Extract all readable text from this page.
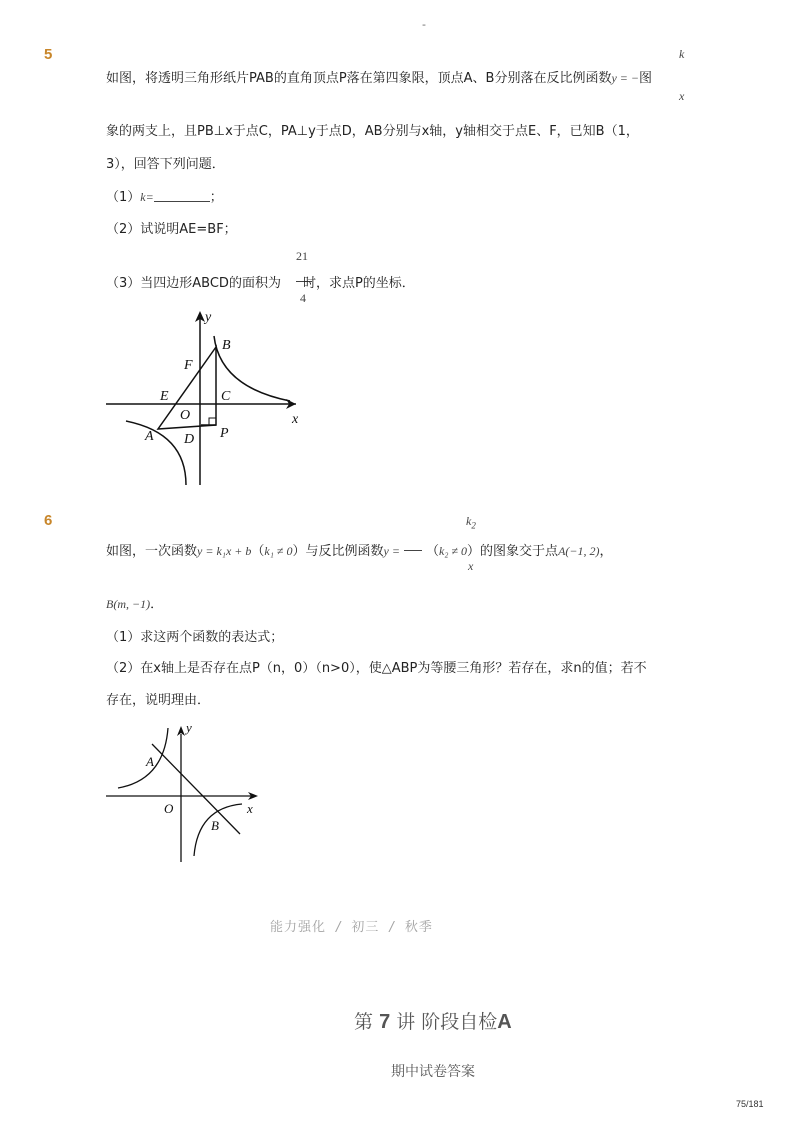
-
5	k
x
如图，将透明三角形纸片PAB的直角顶点P落在第四象限，顶点A、B分别落在反比例函数y = −图
象的两支上，且PB⊥x于点C，PA⊥y于点D，AB分别与x轴，y轴相交于点E、F，已知B（1，
3），回答下列问题．
（1）k=	；
（2）试说明AE=BF；
21
4
（3）当四边形ABCD的面积为 时，求点P的坐标．
y
x
B
F
E	C
O
A D P
6	$k_2$
x
如图，一次函数y = k₁x + b（k₁ ≠ 0）与反比例函数y = （k₂ ≠ 0）的图象交于点A(−1, 2)，
B(m, −1)．
（1）求这两个函数的表达式；
（2）在x轴上是否存在点P（n，0）（n>0），使△ABP为等腰三角形？若存在，求n的值；若不
存在，说明理由．
y
x
A
O
B
能力强化 / 初三 / 秋季
第 7 讲 阶段自检A
期中试卷答案
75/181
